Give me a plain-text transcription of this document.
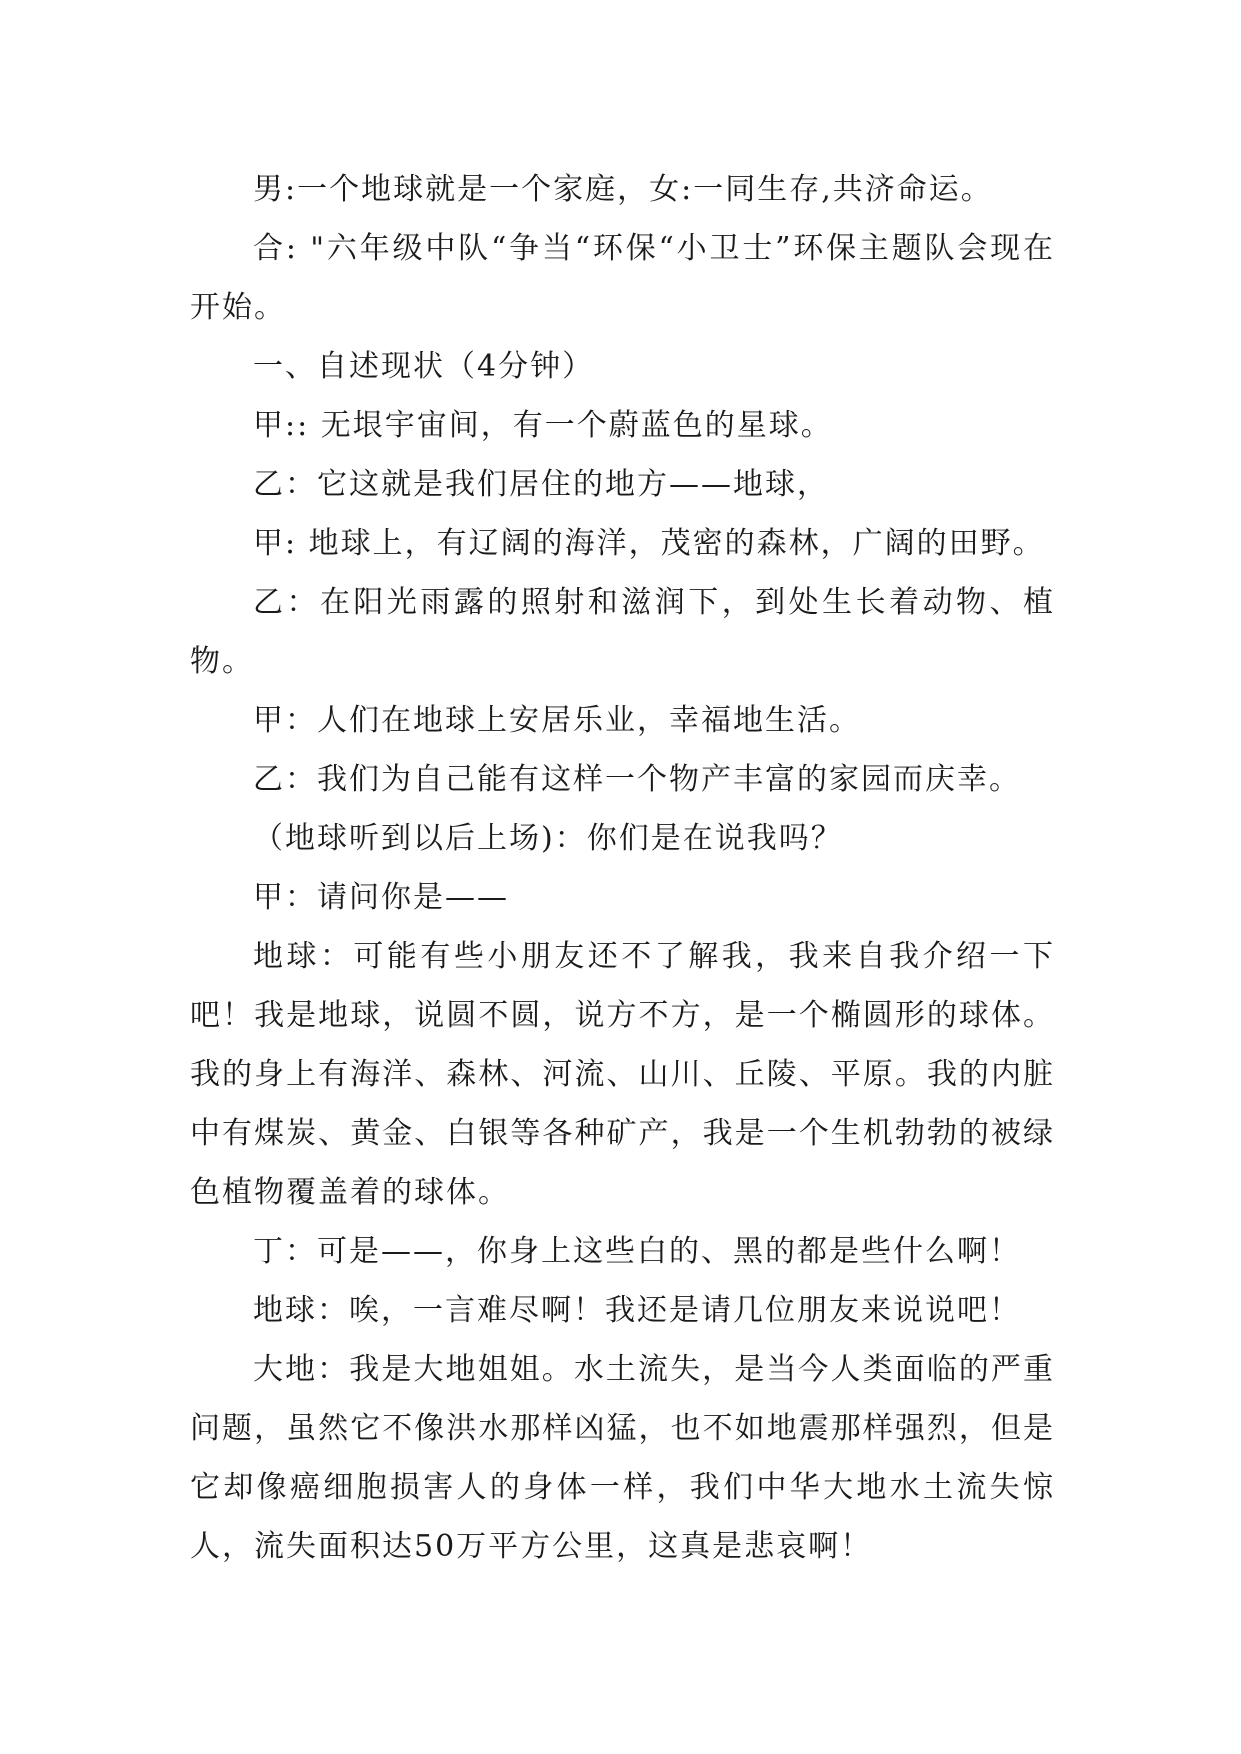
男:一个地球就是一个家庭，女:一同生存,共济命运。

合: "六年级中队“争当“环保“小卫士”环保主题队会现在开始。

一、自述现状（4分钟）

甲:: 无垠宇宙间，有一个蔚蓝色的星球。

乙：它这就是我们居住的地方——地球，

甲: 地球上，有辽阔的海洋，茂密的森林，广阔的田野。

乙：在阳光雨露的照射和滋润下，到处生长着动物、植物。

甲：人们在地球上安居乐业，幸福地生活。

乙：我们为自己能有这样一个物产丰富的家园而庆幸。

（地球听到以后上场)：你们是在说我吗？

甲：请问你是——

地球：可能有些小朋友还不了解我，我来自我介绍一下吧！我是地球，说圆不圆，说方不方，是一个椭圆形的球体。我的身上有海洋、森林、河流、山川、丘陵、平原。我的内脏中有煤炭、黄金、白银等各种矿产，我是一个生机勃勃的被绿色植物覆盖着的球体。

丁：可是——，你身上这些白的、黑的都是些什么啊！

地球：唉，一言难尽啊！我还是请几位朋友来说说吧！

大地：我是大地姐姐。水土流失，是当今人类面临的严重问题，虽然它不像洪水那样凶猛，也不如地震那样强烈，但是它却像癌细胞损害人的身体一样，我们中华大地水土流失惊人，流失面积达50万平方公里，这真是悲哀啊！
